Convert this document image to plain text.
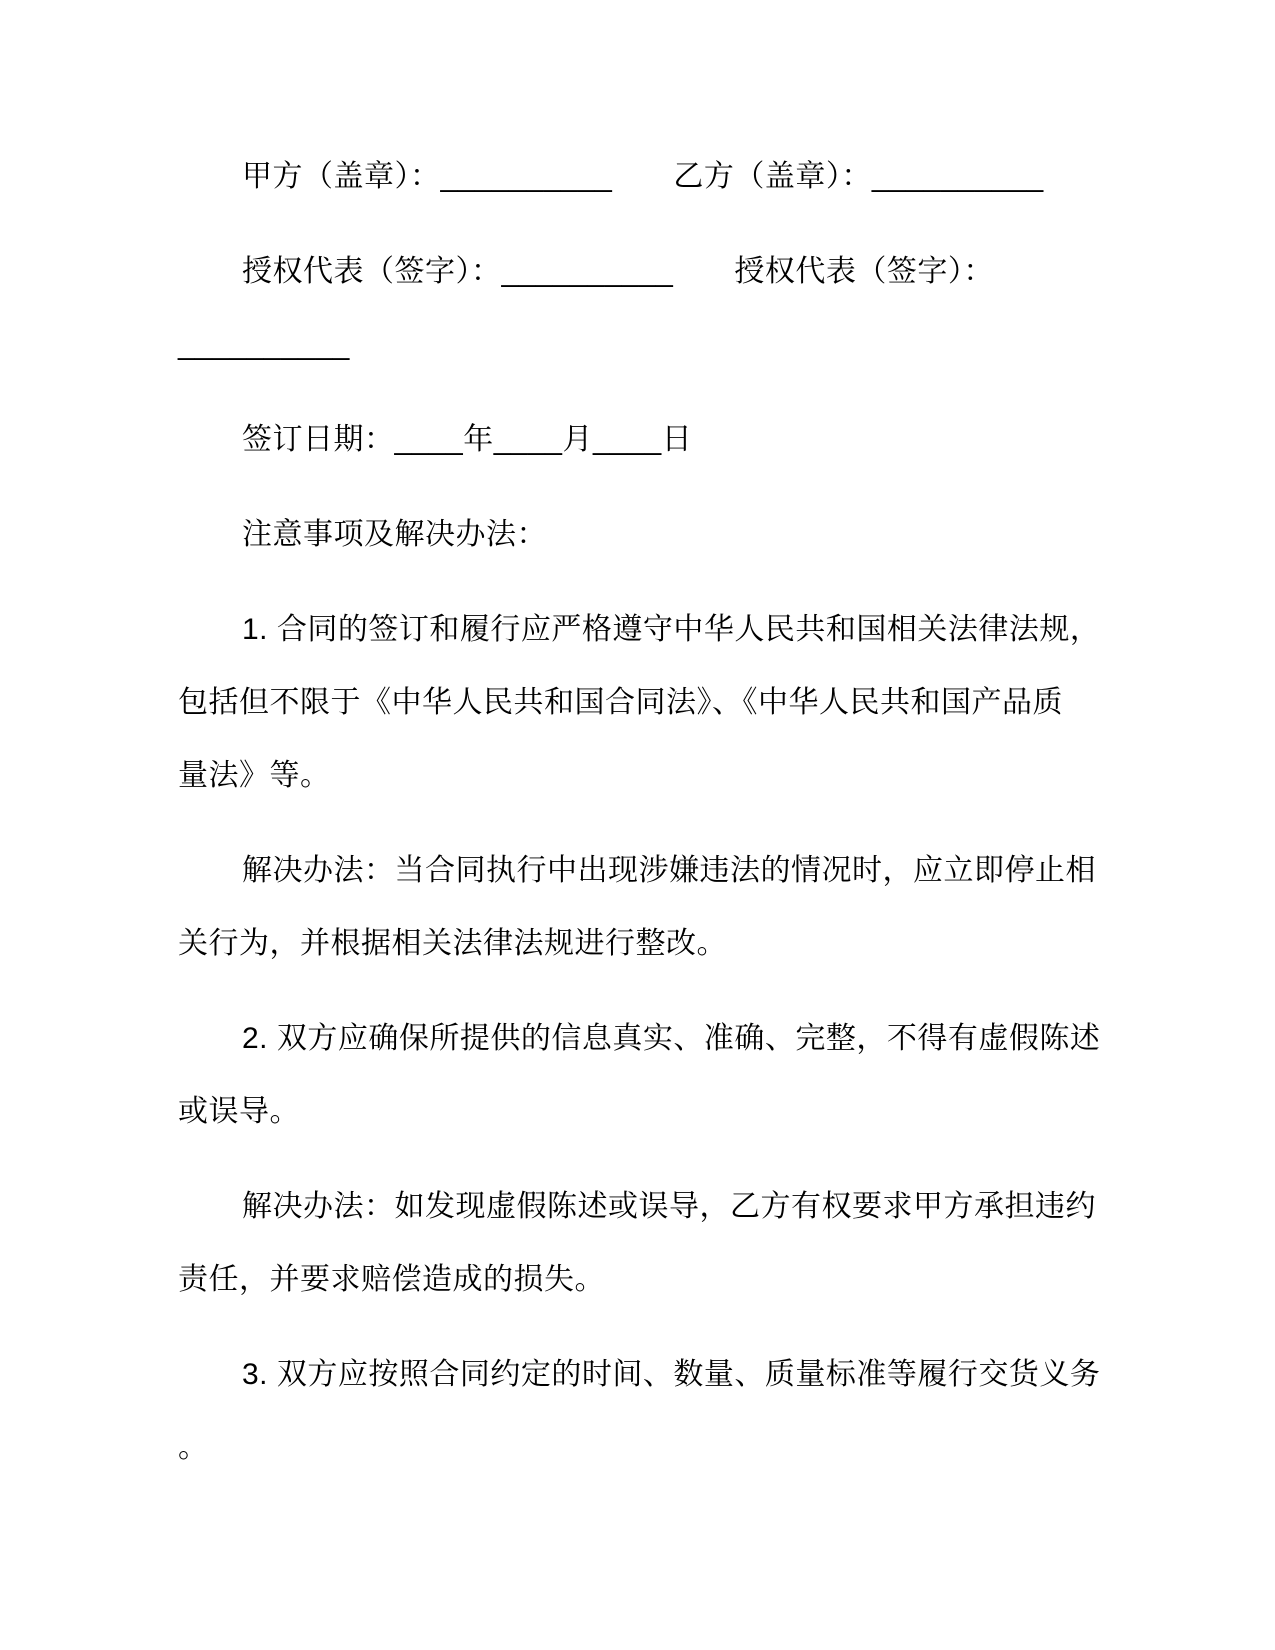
甲方（盖章）：__________　　乙方（盖章）：__________
授权代表（签字）：__________　　授权代表（签字）：
__________
签订日期：____年____月____日
注意事项及解决办法：
1. 合同的签订和履行应严格遵守中华人民共和国相关法律法规，
包括但不限于《中华人民共和国合同法》、《中华人民共和国产品质
量法》等。
解决办法：当合同执行中出现涉嫌违法的情况时，应立即停止相
关行为，并根据相关法律法规进行整改。
2. 双方应确保所提供的信息真实、准确、完整，不得有虚假陈述
或误导。
解决办法：如发现虚假陈述或误导，乙方有权要求甲方承担违约
责任，并要求赔偿造成的损失。
3. 双方应按照合同约定的时间、数量、质量标准等履行交货义务
。
